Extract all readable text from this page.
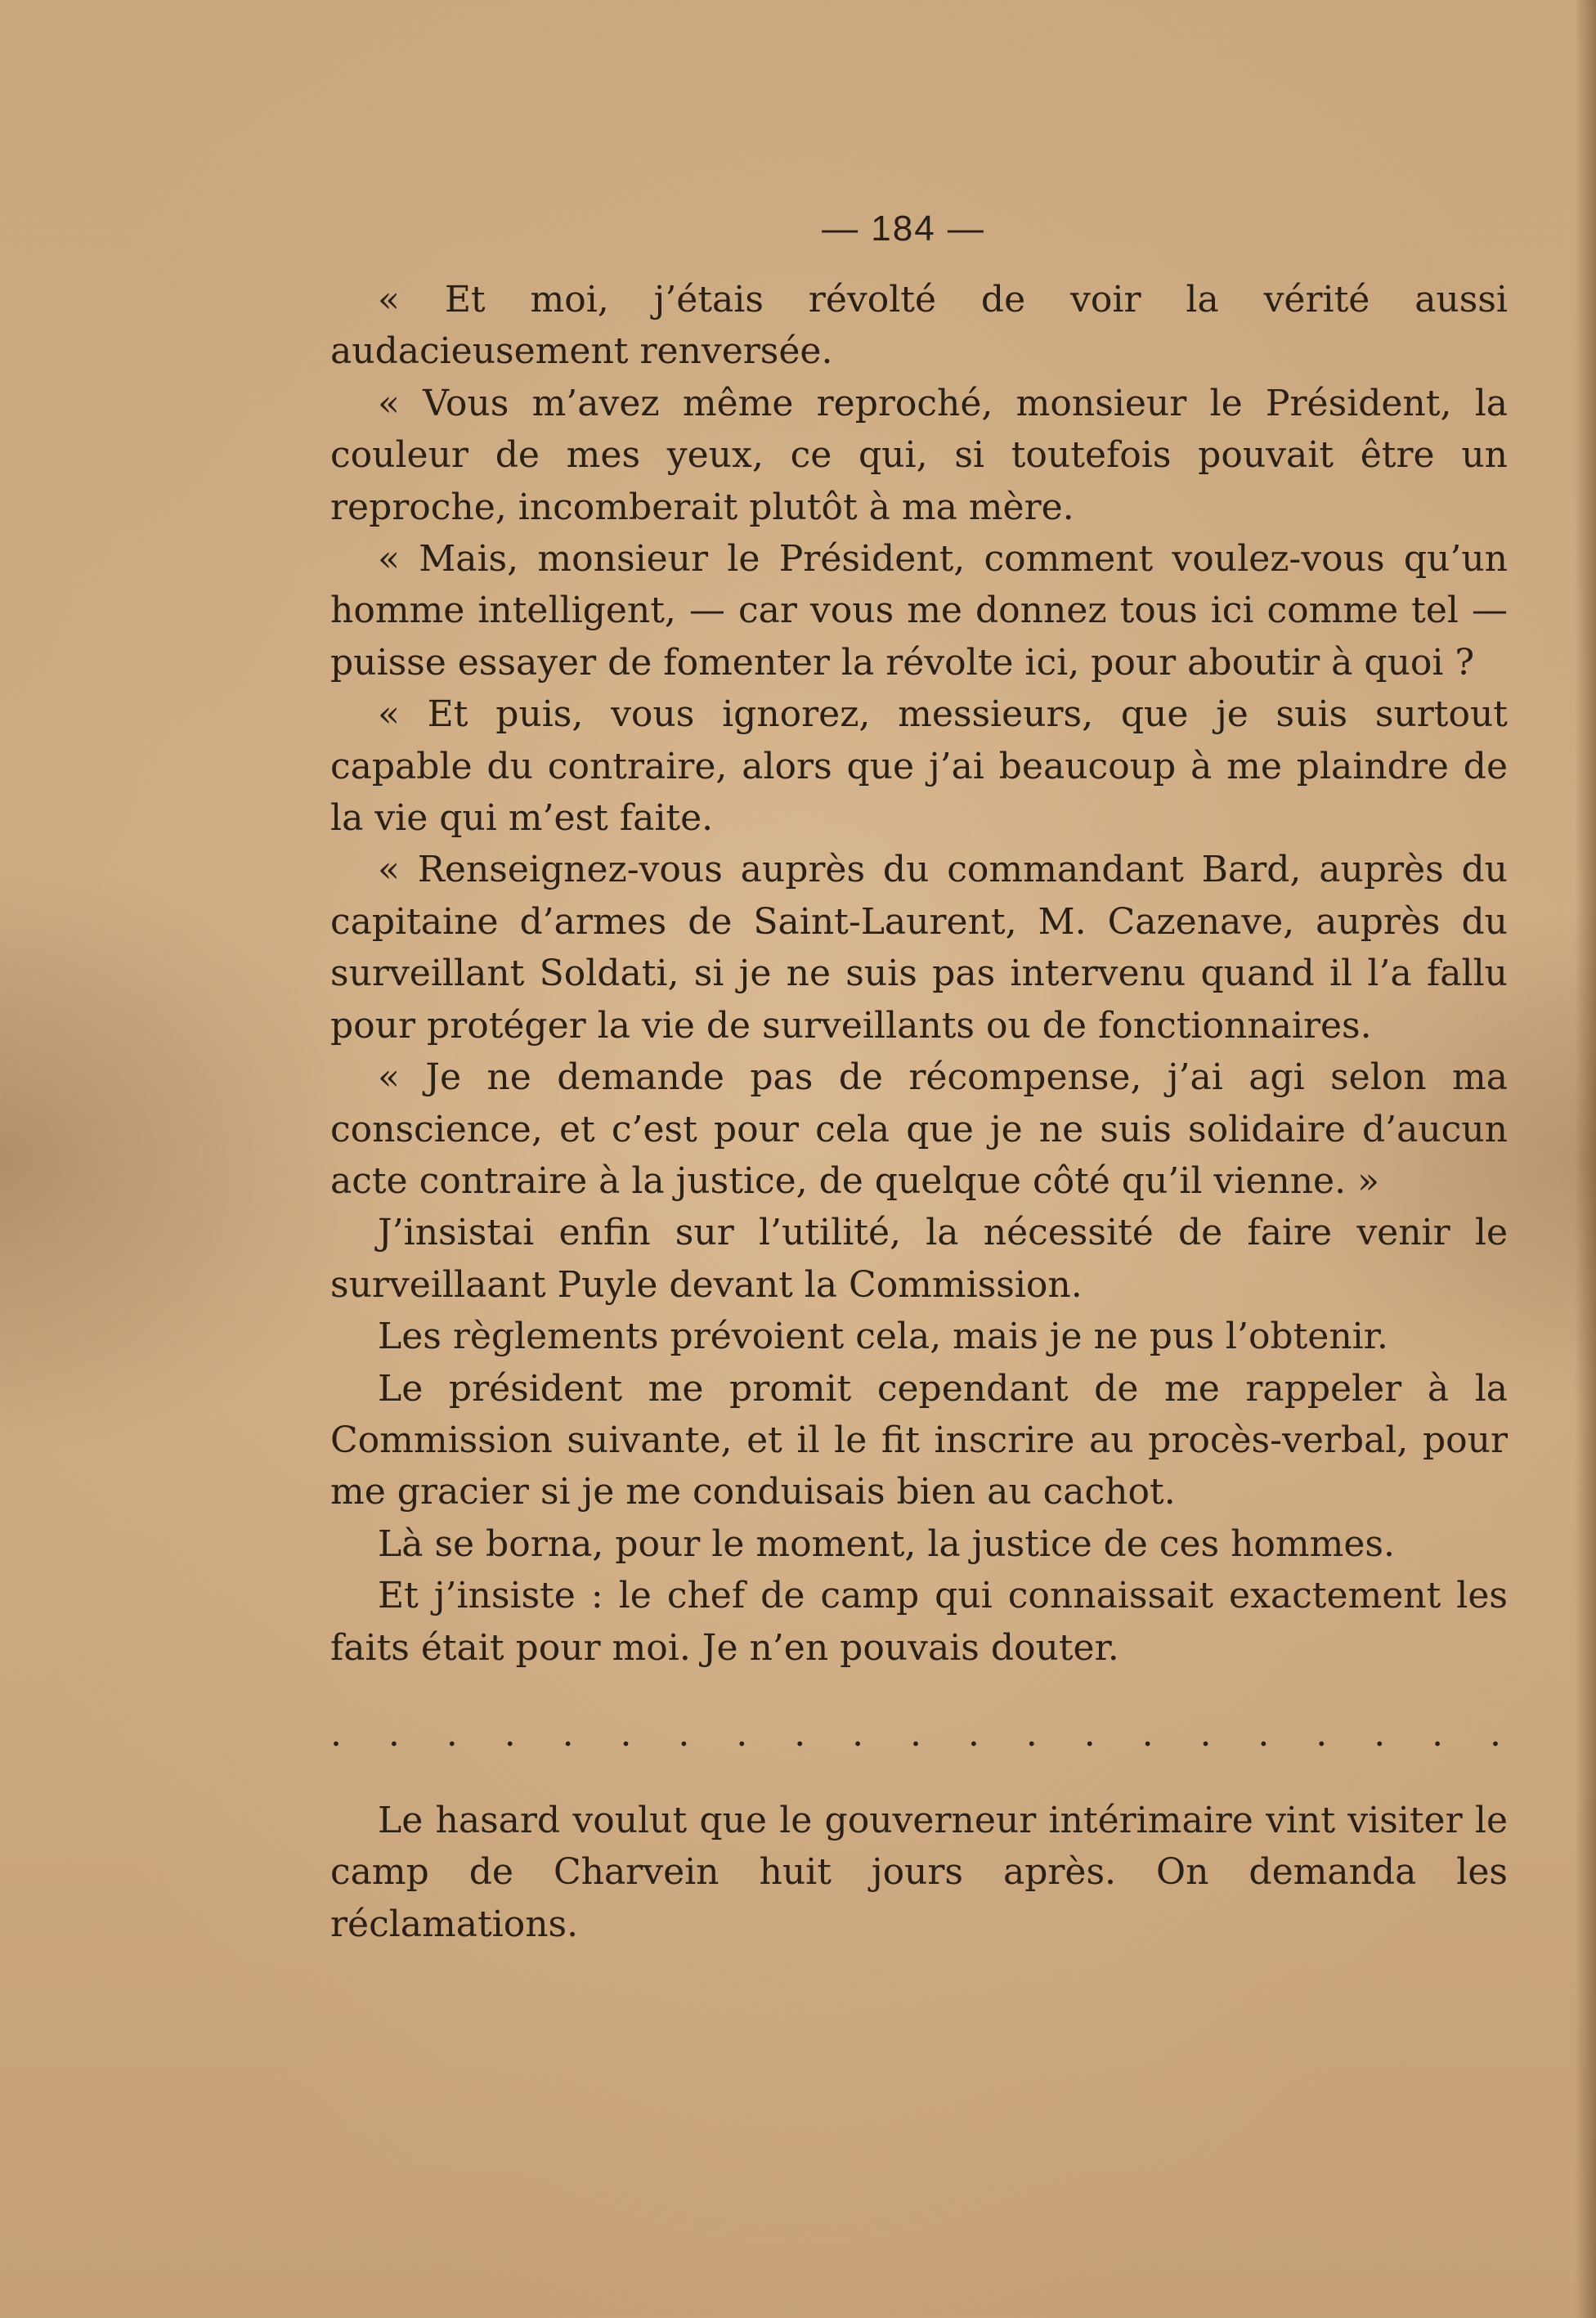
— 184 —

« Et moi, j’étais révolté de voir la vérité aussi audacieusement renversée.

« Vous m’avez même reproché, monsieur le Président, la couleur de mes yeux, ce qui, si toutefois pouvait être un reproche, incomberait plutôt à ma mère.

« Mais, monsieur le Président, comment voulez-vous qu’un homme intelligent, — car vous me donnez tous ici comme tel — puisse essayer de fomenter la révolte ici, pour aboutir à quoi ?

« Et puis, vous ignorez, messieurs, que je suis surtout capable du contraire, alors que j’ai beaucoup à me plaindre de la vie qui m’est faite.

« Renseignez-vous auprès du commandant Bard, auprès du capitaine d’armes de Saint-Laurent, M. Cazenave, auprès du surveillant Soldati, si je ne suis pas intervenu quand il l’a fallu pour protéger la vie de surveillants ou de fonctionnaires.

« Je ne demande pas de récompense, j’ai agi selon ma conscience, et c’est pour cela que je ne suis solidaire d’aucun acte contraire à la justice, de quelque côté qu’il vienne. »

J’insistai enfin sur l’utilité, la nécessité de faire venir le surveillaant Puyle devant la Commission.

Les règlements prévoient cela, mais je ne pus l’obtenir.

Le président me promit cependant de me rappeler à la Commission suivante, et il le fit inscrire au procès-verbal, pour me gracier si je me conduisais bien au cachot.

Là se borna, pour le moment, la justice de ces hommes.

Et j’insiste : le chef de camp qui connaissait exactement les faits était pour moi. Je n’en pouvais douter.

. . . . . . . . . . . . . . . . . . . . .

Le hasard voulut que le gouverneur intérimaire vint visiter le camp de Charvein huit jours après. On demanda les réclamations.
